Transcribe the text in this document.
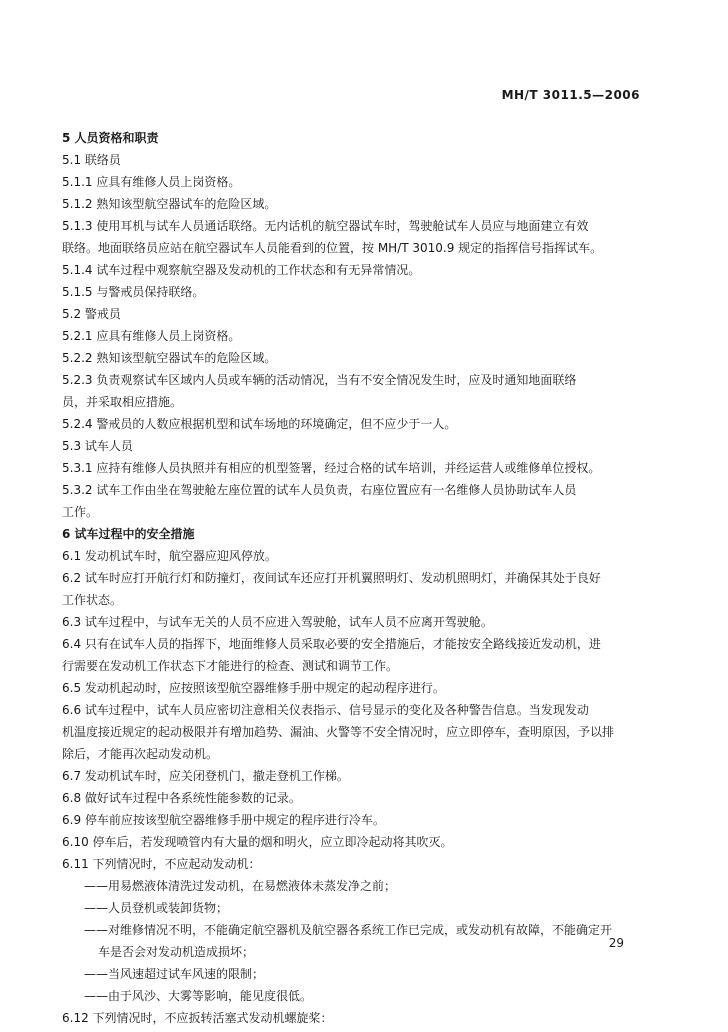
MH/T 3011.5—2006
5 人员资格和职责
5.1 联络员
5.1.1 应具有维修人员上岗资格。
5.1.2 熟知该型航空器试车的危险区域。
5.1.3 使用耳机与试车人员通话联络。无内话机的航空器试车时，驾驶舱试车人员应与地面建立有效
联络。地面联络员应站在航空器试车人员能看到的位置，按 MH/T 3010.9 规定的指挥信号指挥试车。
5.1.4 试车过程中观察航空器及发动机的工作状态和有无异常情况。
5.1.5 与警戒员保持联络。
5.2 警戒员
5.2.1 应具有维修人员上岗资格。
5.2.2 熟知该型航空器试车的危险区域。
5.2.3 负责观察试车区域内人员或车辆的活动情况，当有不安全情况发生时，应及时通知地面联络
员，并采取相应措施。
5.2.4 警戒员的人数应根据机型和试车场地的环境确定，但不应少于一人。
5.3 试车人员
5.3.1 应持有维修人员执照并有相应的机型签署，经过合格的试车培训，并经运营人或维修单位授权。
5.3.2 试车工作由坐在驾驶舱左座位置的试车人员负责，右座位置应有一名维修人员协助试车人员
工作。
6 试车过程中的安全措施
6.1 发动机试车时，航空器应迎风停放。
6.2 试车时应打开航行灯和防撞灯，夜间试车还应打开机翼照明灯、发动机照明灯，并确保其处于良好
工作状态。
6.3 试车过程中，与试车无关的人员不应进入驾驶舱，试车人员不应离开驾驶舱。
6.4 只有在试车人员的指挥下，地面维修人员采取必要的安全措施后，才能按安全路线接近发动机，进
行需要在发动机工作状态下才能进行的检查、测试和调节工作。
6.5 发动机起动时，应按照该型航空器维修手册中规定的起动程序进行。
6.6 试车过程中，试车人员应密切注意相关仪表指示、信号显示的变化及各种警告信息。当发现发动
机温度接近规定的起动极限并有增加趋势、漏油、火警等不安全情况时，应立即停车，查明原因，予以排
除后，才能再次起动发动机。
6.7 发动机试车时，应关闭登机门，撤走登机工作梯。
6.8 做好试车过程中各系统性能参数的记录。
6.9 停车前应按该型航空器维修手册中规定的程序进行冷车。
6.10 停车后，若发现喷管内有大量的烟和明火，应立即冷起动将其吹灭。
6.11 下列情况时，不应起动发动机：
——用易燃液体清洗过发动机，在易燃液体未蒸发净之前；
——人员登机或装卸货物；
——对维修情况不明，不能确定航空器机及航空器各系统工作已完成，或发动机有故障，不能确定开
车是否会对发动机造成损坏；
——当风速超过试车风速的限制；
——由于风沙、大雾等影响，能见度很低。
6.12 下列情况时，不应扳转活塞式发动机螺旋桨：
29
